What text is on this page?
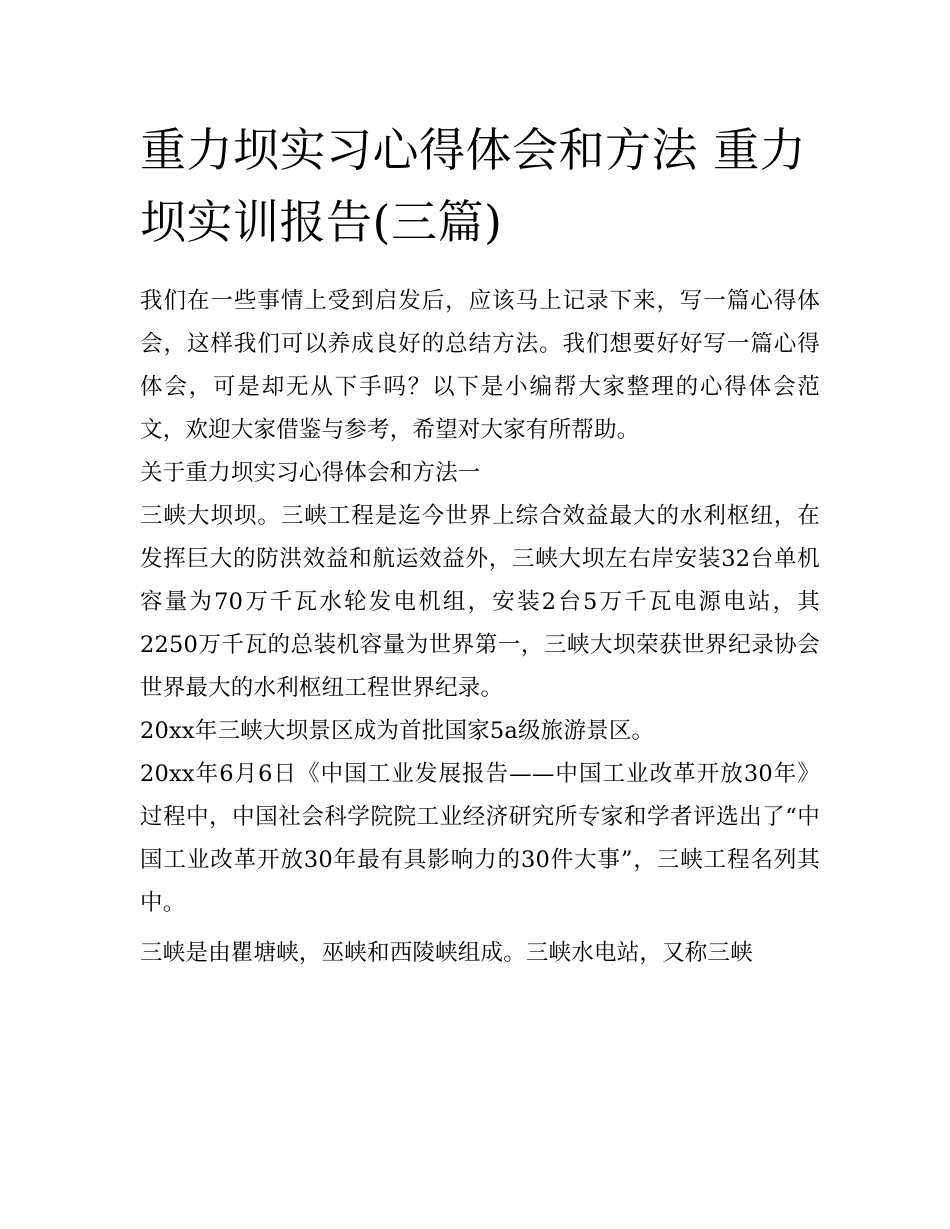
重力坝实习心得体会和方法 重力坝实训报告(三篇)

我们在一些事情上受到启发后，应该马上记录下来，写一篇心得体会，这样我们可以养成良好的总结方法。我们想要好好写一篇心得体会，可是却无从下手吗？以下是小编帮大家整理的心得体会范文，欢迎大家借鉴与参考，希望对大家有所帮助。

关于重力坝实习心得体会和方法一

三峡大坝坝。三峡工程是迄今世界上综合效益最大的水利枢纽，在发挥巨大的防洪效益和航运效益外，三峡大坝左右岸安装32台单机容量为70万千瓦水轮发电机组，安装2台5万千瓦电源电站，其2250万千瓦的总装机容量为世界第一，三峡大坝荣获世界纪录协会世界最大的水利枢纽工程世界纪录。

20xx年三峡大坝景区成为首批国家5a级旅游景区。

20xx年6月6日《中国工业发展报告——中国工业改革开放30年》过程中，中国社会科学院院工业经济研究所专家和学者评选出了“中国工业改革开放30年最有具影响力的30件大事”，三峡工程名列其中。

三峡是由瞿塘峡，巫峡和西陵峡组成。三峡水电站，又称三峡
